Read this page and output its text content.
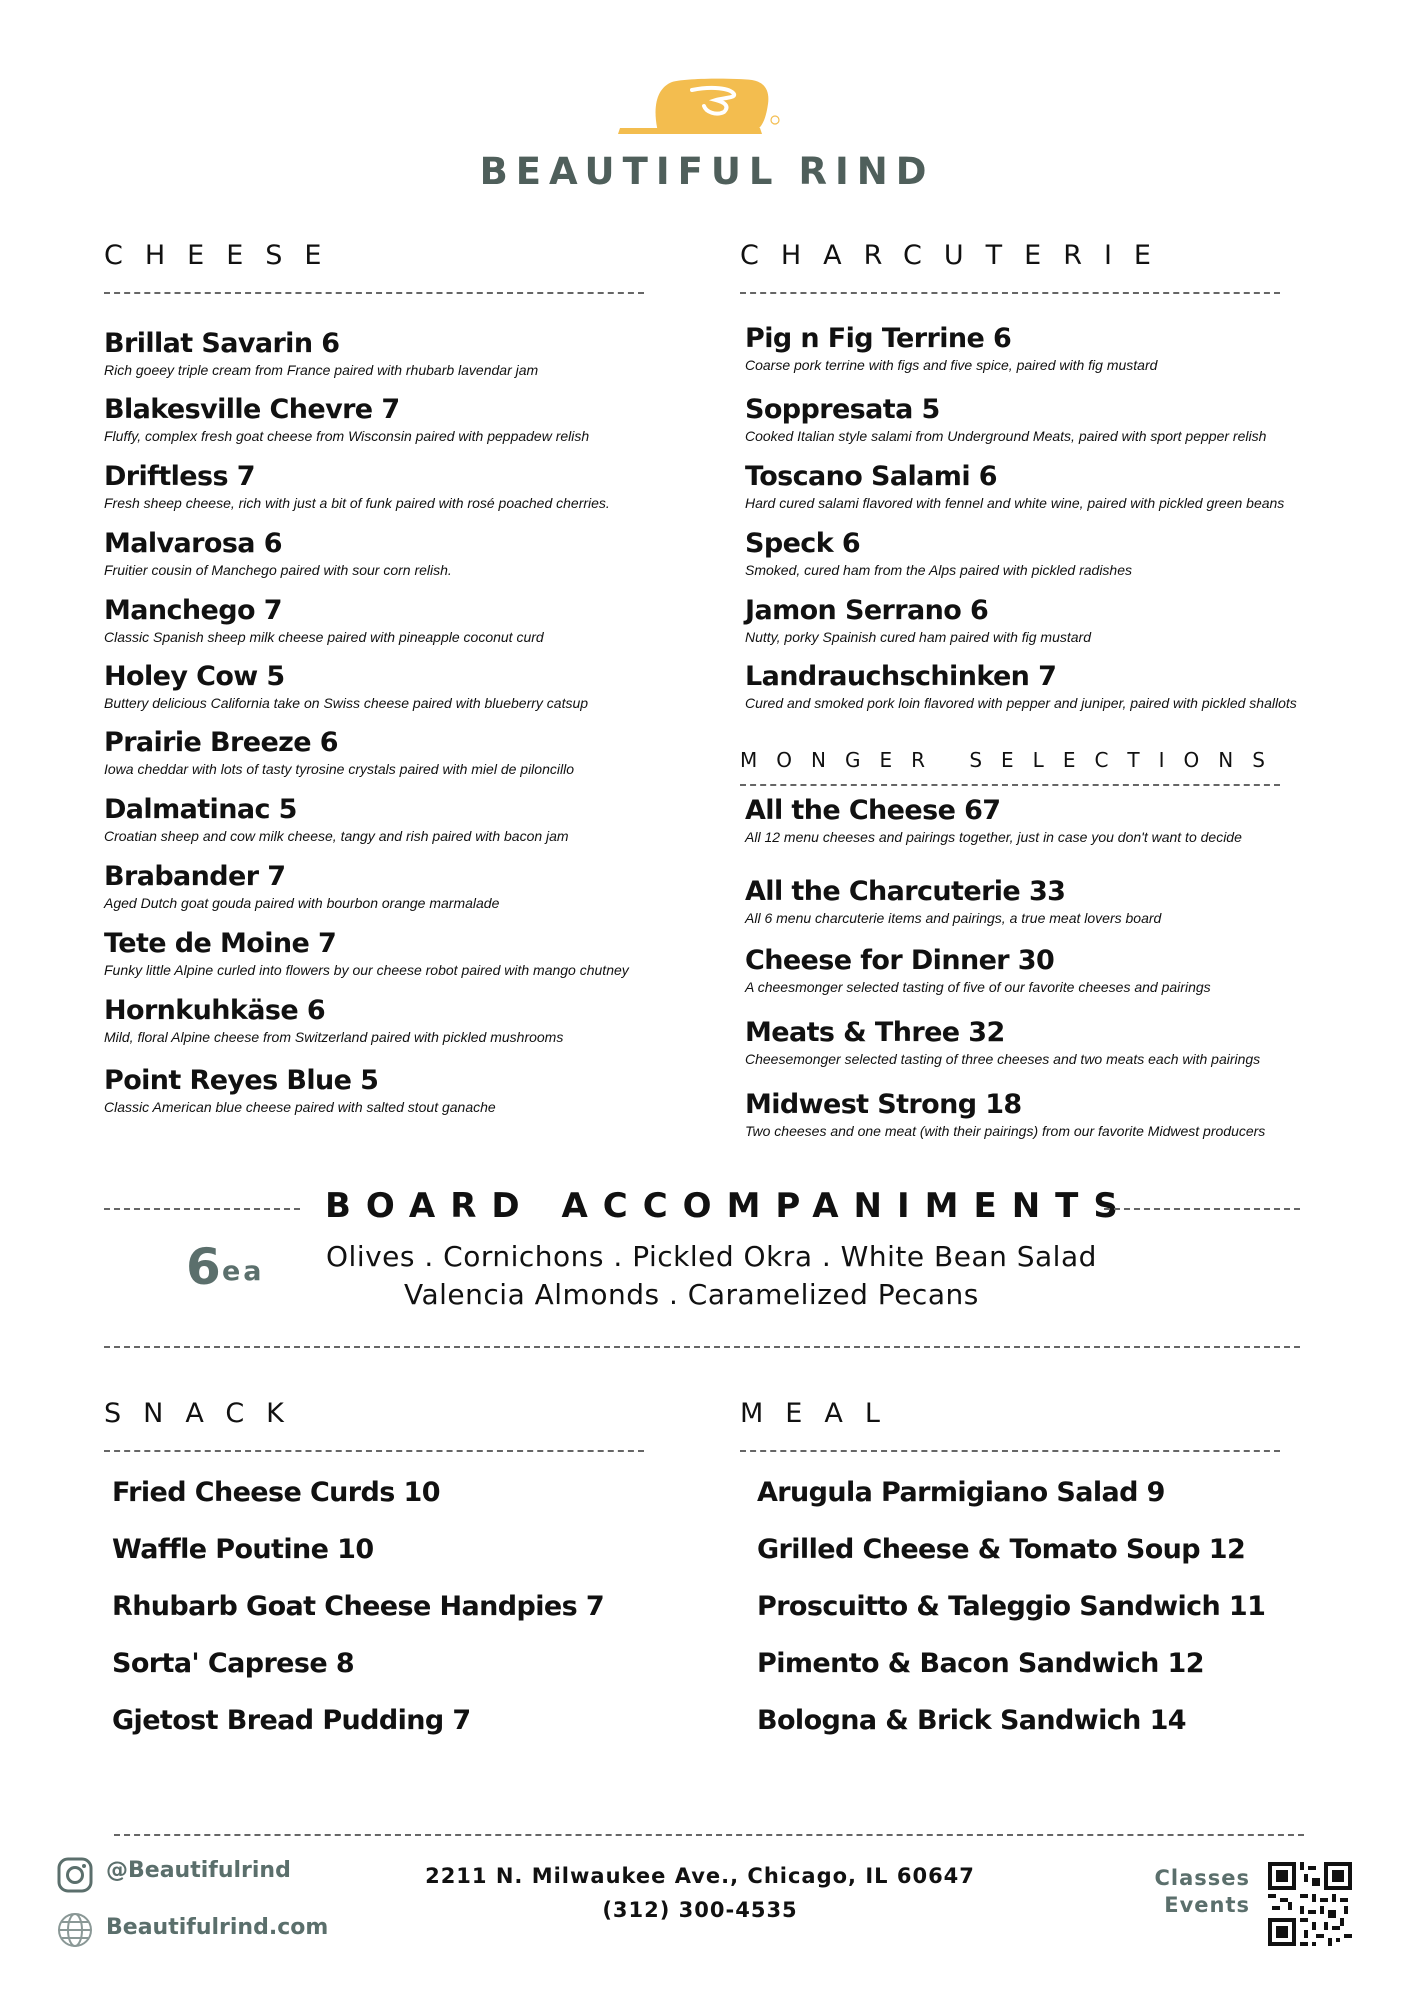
BEAUTIFUL RIND
CHEESE
Brillat Savarin 6
Rich goeey triple cream from France paired with rhubarb lavendar jam
Blakesville Chevre 7
Fluffy, complex fresh goat cheese from Wisconsin paired with peppadew relish
Driftless 7
Fresh sheep cheese, rich with just a bit of funk paired with rosé poached cherries.
Malvarosa 6
Fruitier cousin of Manchego paired with sour corn relish.
Manchego 7
Classic Spanish sheep milk cheese paired with pineapple coconut curd
Holey Cow 5
Buttery delicious California take on Swiss cheese paired with blueberry catsup
Prairie Breeze 6
Iowa cheddar with lots of tasty tyrosine crystals paired with miel de piloncillo
Dalmatinac 5
Croatian sheep and cow milk cheese, tangy and rish paired with bacon jam
Brabander 7
Aged Dutch goat gouda paired with bourbon orange marmalade
Tete de Moine 7
Funky little Alpine curled into flowers by our cheese robot paired with mango chutney
Hornkuhkäse 6
Mild, floral Alpine cheese from Switzerland paired with pickled mushrooms
Point Reyes Blue 5
Classic American blue cheese paired with salted stout ganache
CHARCUTERIE
Pig n Fig Terrine 6
Coarse pork terrine with figs and five spice, paired with fig mustard
Soppresata 5
Cooked Italian style salami from Underground Meats, paired with sport pepper relish
Toscano Salami 6
Hard cured salami flavored with fennel and white wine, paired with pickled green beans
Speck 6
Smoked, cured ham from the Alps paired with pickled radishes
Jamon Serrano 6
Nutty, porky Spainish cured ham paired with fig mustard
Landrauchschinken 7
Cured and smoked pork loin flavored with pepper and juniper, paired with pickled shallots
MONGER SELECTIONS
All the Cheese 67
All 12 menu cheeses and pairings together, just in case you don't want to decide
All the Charcuterie 33
All 6 menu charcuterie items and pairings, a true meat lovers board
Cheese for Dinner 30
A cheesmonger selected tasting of five of our favorite cheeses and pairings
Meats & Three 32
Cheesemonger selected tasting of three cheeses and two meats each with pairings
Midwest Strong 18
Two cheeses and one meat (with their pairings) from our favorite Midwest producers
BOARD ACCOMPANIMENTS
6 ea Olives . Cornichons . Pickled Okra . White Bean Salad
Valencia Almonds . Caramelized Pecans
SNACK
Fried Cheese Curds 10
Waffle Poutine 10
Rhubarb Goat Cheese Handpies 7
Sorta' Caprese 8
Gjetost Bread Pudding 7
MEAL
Arugula Parmigiano Salad 9
Grilled Cheese & Tomato Soup 12
Proscuitto & Taleggio Sandwich 11
Pimento & Bacon Sandwich 12
Bologna & Brick Sandwich 14
@Beautifulrind
Beautifulrind.com
2211 N. Milwaukee Ave., Chicago, IL 60647
(312) 300-4535
Classes
Events
